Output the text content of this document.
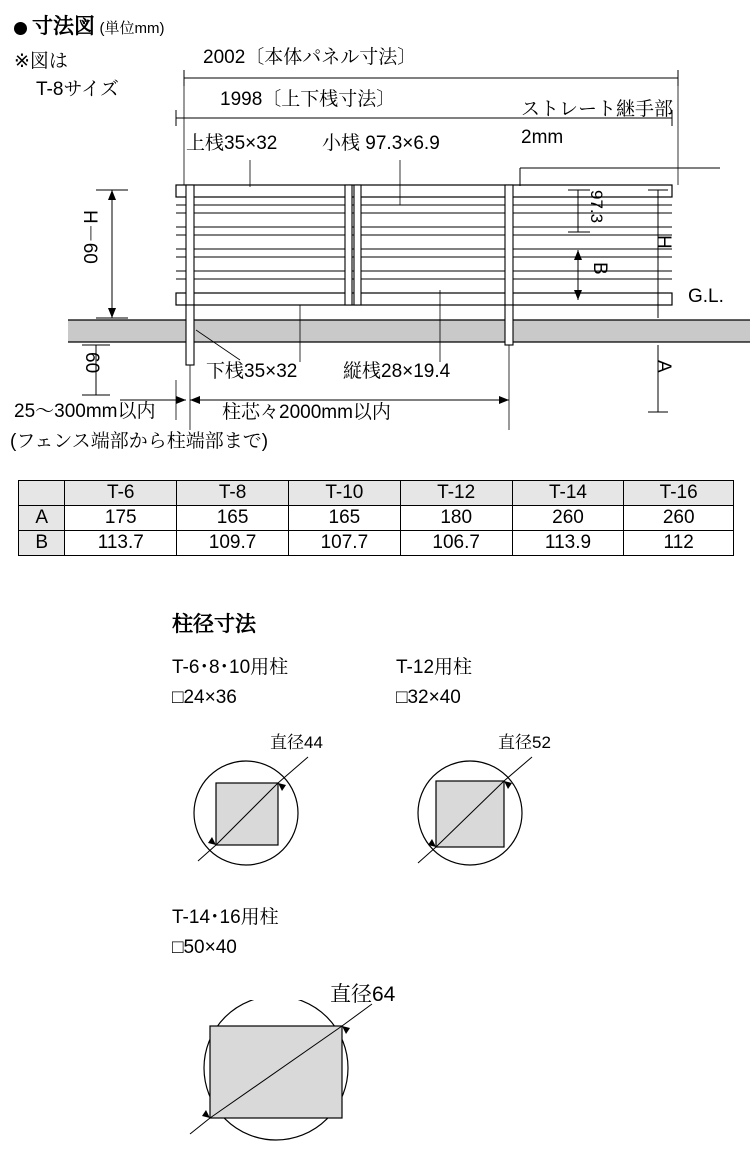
寸法図 (単位mm)
※図は
T-8サイズ
2002〔本体パネル寸法〕
1998〔上下桟寸法〕
上桟35×32 小桟 97.3×6.9
ストレート継手部
2mm
H－60
97.3
B
H
G.L.
60	A
下桟35×32 縦桟28×19.4
柱芯々2000mm以内
25〜300mm以内
(フェンス端部から柱端部まで)
	T-6	T-8	T-10	T-12	T-14	T-16
A	175	165	165	180	260	260
B	113.7	109.7	107.7	106.7	113.9	112
柱径寸法
T-6･8･10用柱
□24×36
直径44
T-12用柱
□32×40
直径52
T-14･16用柱
□50×40
直径64
